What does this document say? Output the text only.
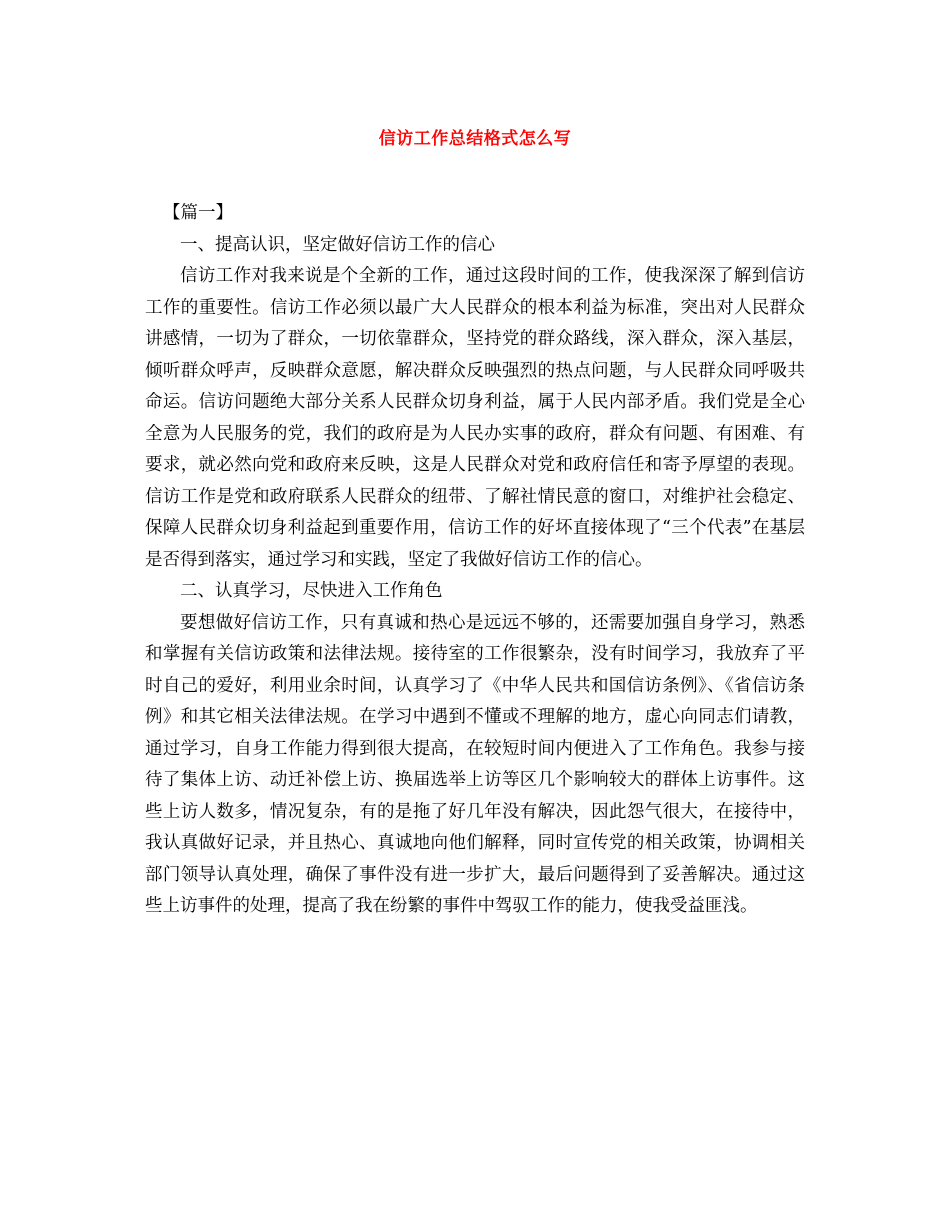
信访工作总结格式怎么写

【篇一】

一、提高认识，坚定做好信访工作的信心

信访工作对我来说是个全新的工作，通过这段时间的工作，使我深深了解到信访工作的重要性。信访工作必须以最广大人民群众的根本利益为标准，突出对人民群众讲感情，一切为了群众，一切依靠群众，坚持党的群众路线，深入群众，深入基层，倾听群众呼声，反映群众意愿，解决群众反映强烈的热点问题，与人民群众同呼吸共命运。信访问题绝大部分关系人民群众切身利益，属于人民内部矛盾。我们党是全心全意为人民服务的党，我们的政府是为人民办实事的政府，群众有问题、有困难、有要求，就必然向党和政府来反映，这是人民群众对党和政府信任和寄予厚望的表现。信访工作是党和政府联系人民群众的纽带、了解社情民意的窗口，对维护社会稳定、保障人民群众切身利益起到重要作用，信访工作的好坏直接体现了“三个代表”在基层是否得到落实，通过学习和实践，坚定了我做好信访工作的信心。

二、认真学习，尽快进入工作角色

要想做好信访工作，只有真诚和热心是远远不够的，还需要加强自身学习，熟悉和掌握有关信访政策和法律法规。接待室的工作很繁杂，没有时间学习，我放弃了平时自己的爱好，利用业余时间，认真学习了《中华人民共和国信访条例》、《省信访条例》和其它相关法律法规。在学习中遇到不懂或不理解的地方，虚心向同志们请教，通过学习，自身工作能力得到很大提高，在较短时间内便进入了工作角色。我参与接待了集体上访、动迁补偿上访、换届选举上访等区几个影响较大的群体上访事件。这些上访人数多，情况复杂，有的是拖了好几年没有解决，因此怨气很大，在接待中，我认真做好记录，并且热心、真诚地向他们解释，同时宣传党的相关政策，协调相关部门领导认真处理，确保了事件没有进一步扩大，最后问题得到了妥善解决。通过这些上访事件的处理，提高了我在纷繁的事件中驾驭工作的能力，使我受益匪浅。
